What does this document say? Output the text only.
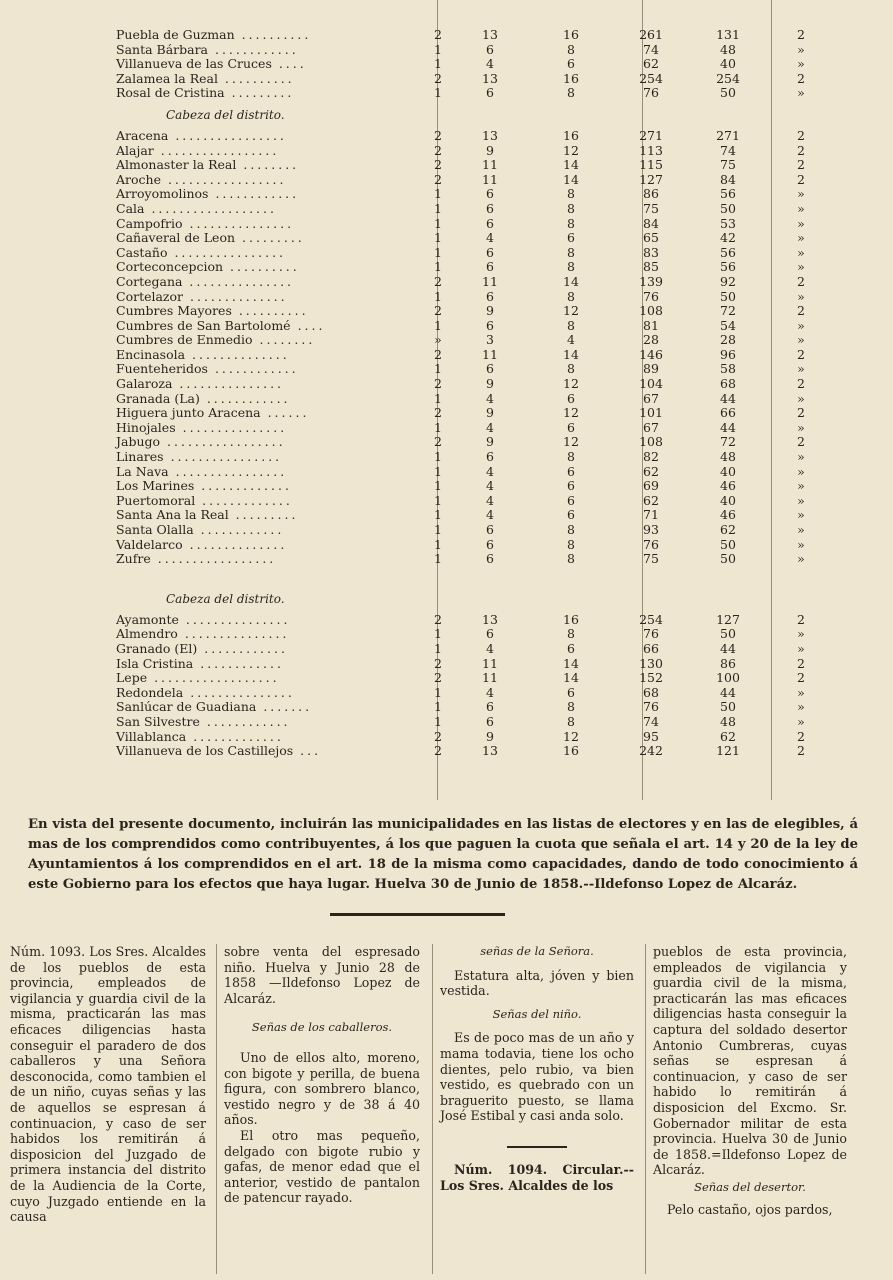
Puebla de Guzman ..........	2	13	16	261	131	2
Santa Bárbara ............	1	6	8	74	48	»
Villanueva de las Cruces ....	1	4	6	62	40	»
Zalamea la Real ..........	2	13	16	254	254	2
Rosal de Cristina .........	1	6	8	76	50	»
Cabeza del distrito.						
Aracena ................	2	13	16	271	271	2
Alajar .................	2	9	12	113	74	2
Almonaster la Real ........	2	11	14	115	75	2
Aroche .................	2	11	14	127	84	2
Arroyomolinos ............	1	6	8	86	56	»
Cala ..................	1	6	8	75	50	»
Campofrio ...............	1	6	8	84	53	»
Cañaveral de Leon .........	1	4	6	65	42	»
Castaño ................	1	6	8	83	56	»
Corteconcepcion ..........	1	6	8	85	56	»
Cortegana ...............	2	11	14	139	92	2
Cortelazor ..............	1	6	8	76	50	»
Cumbres Mayores ..........	2	9	12	108	72	2
Cumbres de San Bartolomé ....	1	6	8	81	54	»
Cumbres de Enmedio ........	»	3	4	28	28	»
Encinasola ..............	2	11	14	146	96	2
Fuenteheridos ............	1	6	8	89	58	»
Galaroza ...............	2	9	12	104	68	2
Granada (La) ............	1	4	6	67	44	»
Higuera junto Aracena ......	2	9	12	101	66	2
Hinojales ...............	1	4	6	67	44	»
Jabugo .................	2	9	12	108	72	2
Linares ................	1	6	8	82	48	»
La Nava ................	1	4	6	62	40	»
Los Marines .............	1	4	6	69	46	»
Puertomoral .............	1	4	6	62	40	»
Santa Ana la Real .........	1	4	6	71	46	»
Santa Olalla ............	1	6	8	93	62	»
Valdelarco ..............	1	6	8	76	50	»
Zufre .................	1	6	8	75	50	»

Cabeza del distrito.						
Ayamonte ...............	2	13	16	254	127	2
Almendro ...............	1	6	8	76	50	»
Granado (El) ............	1	4	6	66	44	»
Isla Cristina ............	2	11	14	130	86	2
Lepe ..................	2	11	14	152	100	2
Redondela ...............	1	4	6	68	44	»
Sanlúcar de Guadiana .......	1	6	8	76	50	»
San Silvestre ............	1	6	8	74	48	»
Villablanca .............	2	9	12	95	62	2
Villanueva de los Castillejos ...	2	13	16	242	121	2
En vista del presente documento, incluirán las municipalidades en las listas de electores y en las de elegibles, á mas de los comprendidos como contribuyentes, á los que paguen la cuota que señala el art. 14 y 20 de la ley de Ayuntamientos á los comprendidos en el art. 18 de la misma como capacidades, dando de todo conocimiento á este Gobierno para los efectos que haya lugar. Huelva 30 de Junio de 1858.--Ildefonso Lopez de Alcaráz.

Núm. 1093. Los Sres. Alcaldes de los pueblos de esta provincia, empleados de vigilancia y guardia civil de la misma, practicarán las mas eficaces diligencias hasta conseguir el paradero de dos caballeros y una Señora desconocida, como tambien el de un niño, cuyas señas y las de aquellos se espresan á continuacion, y caso de ser habidos los remitirán á disposicion del Juzgado de primera instancia del distrito de la Audiencia de la Corte, cuyo Juzgado entiende en la causa

sobre venta del espresado niño. Huelva y Junio 28 de 1858 —Ildefonso Lopez de Alcaráz.

Señas de los caballeros.

Uno de ellos alto, moreno, con bigote y perilla, de buena figura, con sombrero blanco, vestido negro y de 38 á 40 años.

El otro mas pequeño, delgado con bigote rubio y gafas, de menor edad que el anterior, vestido de pantalon de patencur rayado.

señas de la Señora.

Estatura alta, jóven y bien vestida.

Señas del niño.

Es de poco mas de un año y mama todavia, tiene los ocho dientes, pelo rubio, va bien vestido, es quebrado con un braguerito puesto, se llama José Estibal y casi anda solo.

Núm. 1094. Circular.-- Los Sres. Alcaldes de los

pueblos de esta provincia, empleados de vigilancia y guardia civil de la misma, practicarán las mas eficaces diligencias hasta conseguir la captura del soldado desertor Antonio Cumbreras, cuyas señas se espresan á continuacion, y caso de ser habido lo remitirán á disposicion del Excmo. Sr. Gobernador militar de esta provincia. Huelva 30 de Junio de 1858.=Ildefonso Lopez de Alcaráz.

Señas del desertor.

Pelo castaño, ojos pardos,
